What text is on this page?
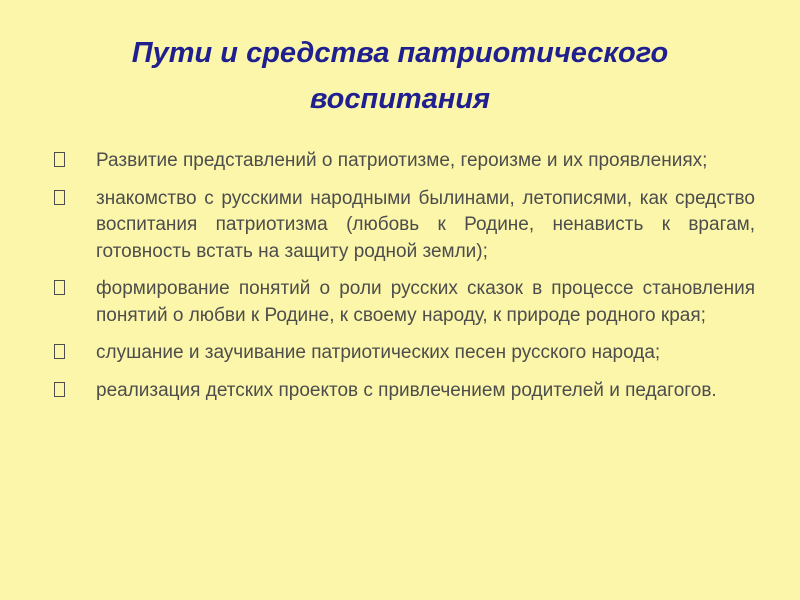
Пути и средства патриотического
воспитания
Развитие представлений о патриотизме, героизме и их проявлениях;
знакомство с русскими народными былинами, летописями, как средство воспитания патриотизма (любовь к Родине, ненависть к врагам, готовность встать на защиту родной земли);
формирование понятий о роли русских сказок в процессе становления понятий о любви к Родине, к своему народу, к природе родного края;
слушание и заучивание патриотических песен русского народа;
реализация детских проектов с привлечением родителей и педагогов.
